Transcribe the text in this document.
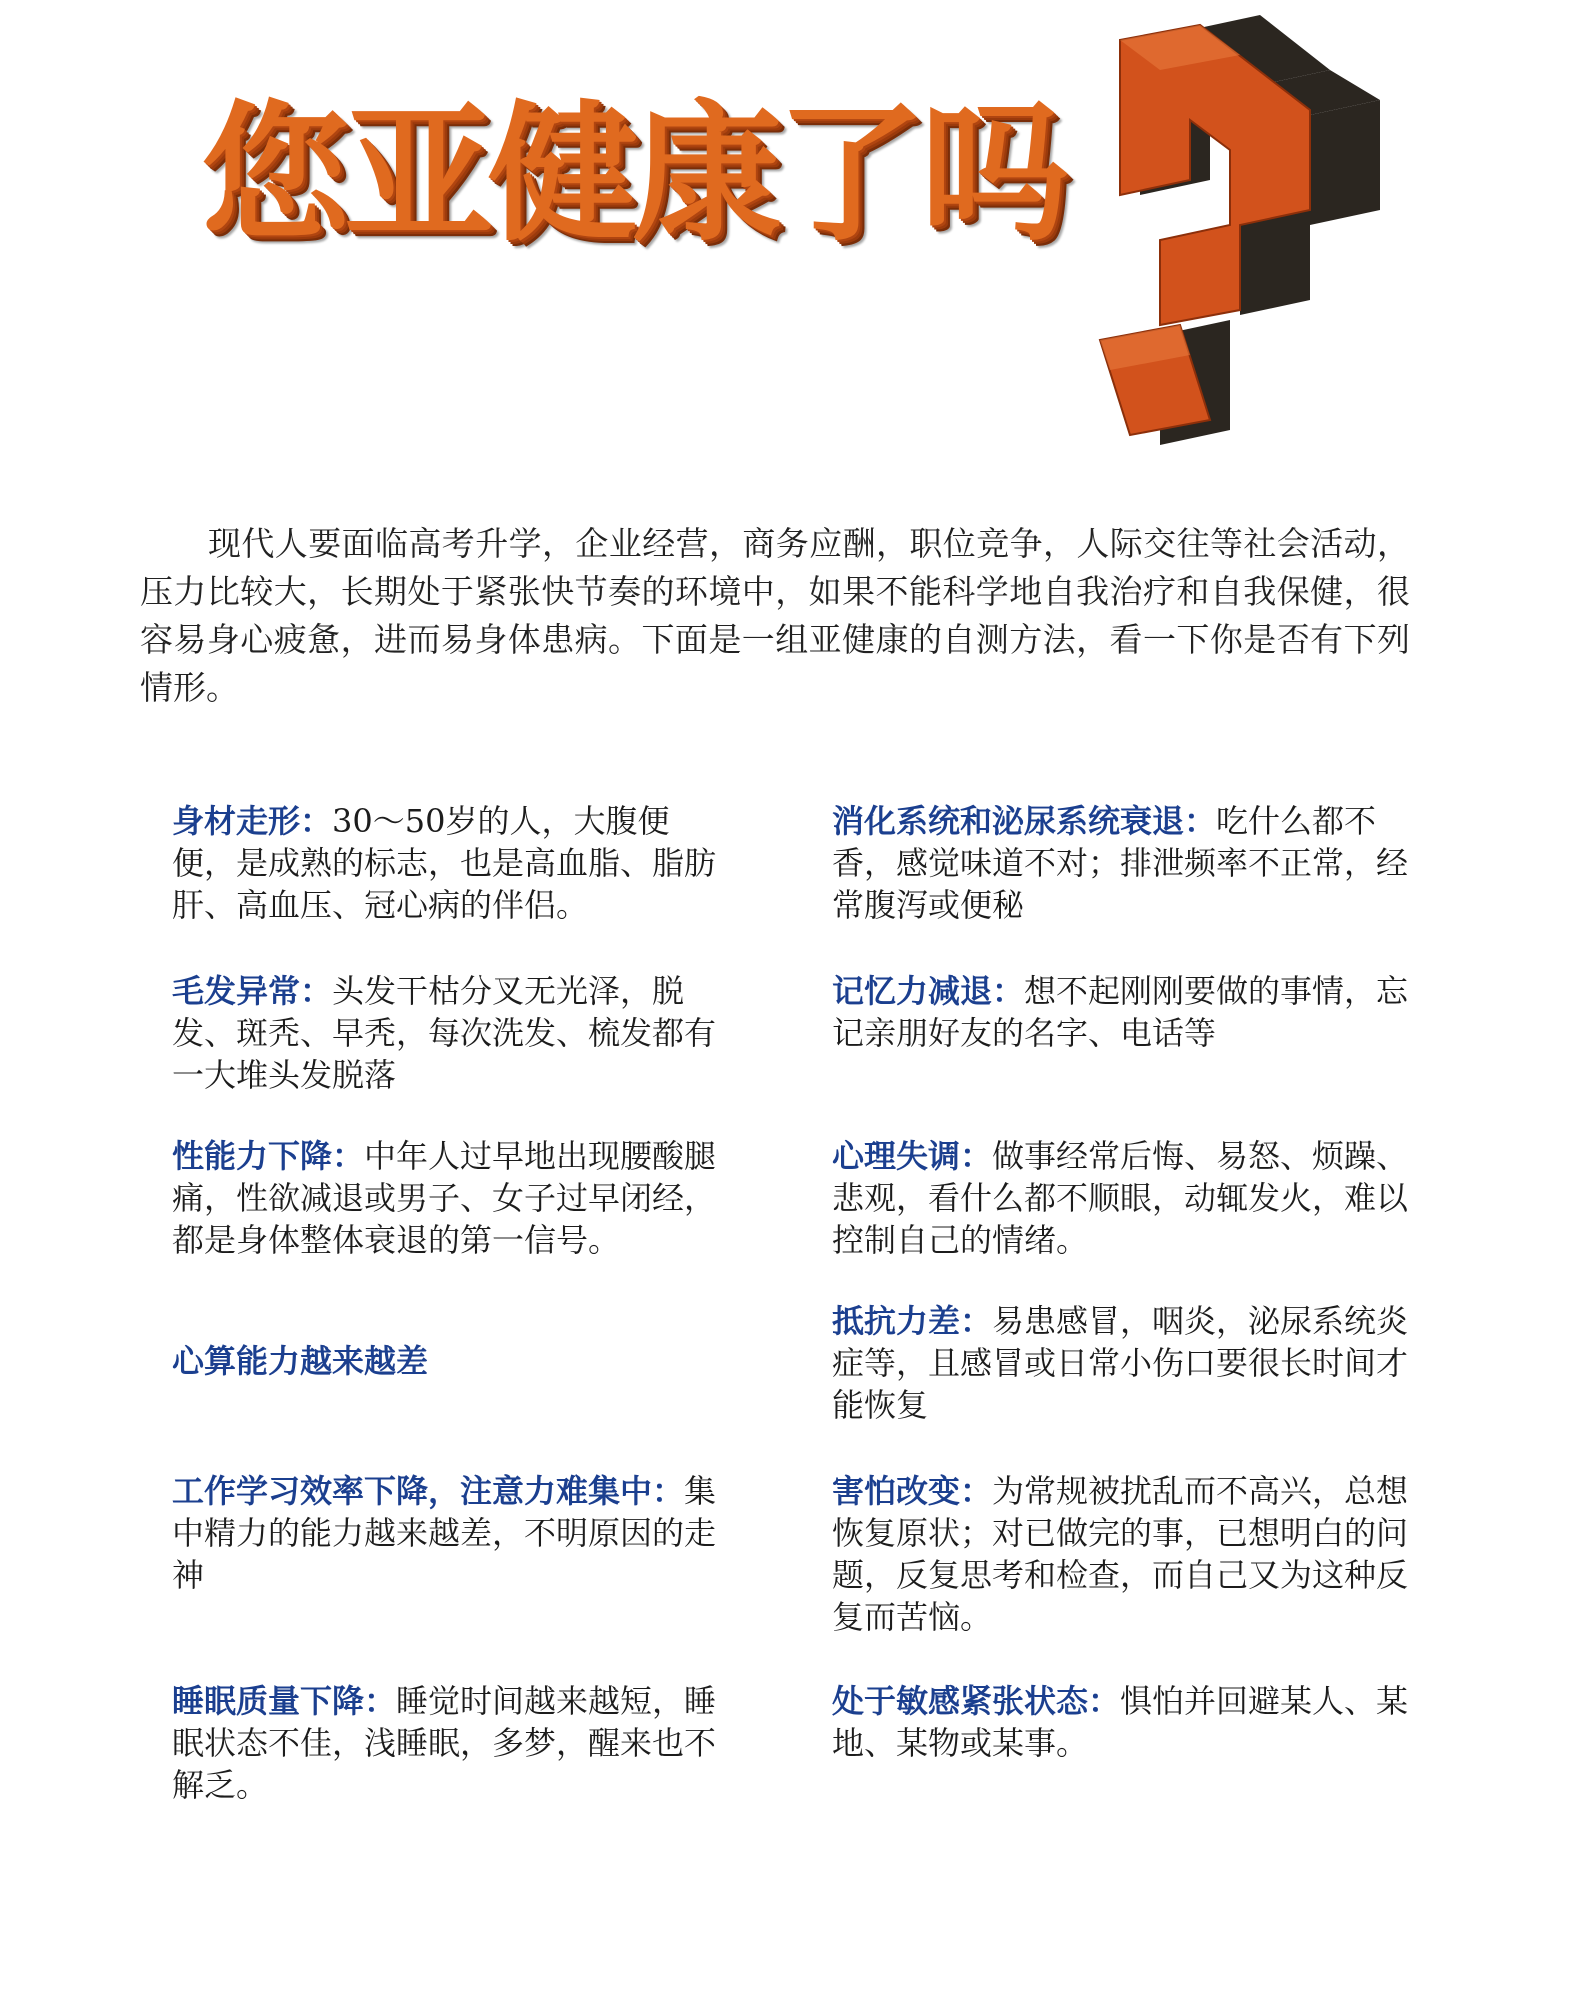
您亚健康了吗
现代人要面临高考升学，企业经营，商务应酬，职位竞争，人际交往等社会活动，压力比较大，长期处于紧张快节奏的环境中，如果不能科学地自我治疗和自我保健，很容易身心疲惫，进而易身体患病。下面是一组亚健康的自测方法，看一下你是否有下列情形。
身材走形：30～50岁的人，大腹便便，是成熟的标志，也是高血脂、脂肪肝、高血压、冠心病的伴侣。
毛发异常：头发干枯分叉无光泽，脱发、斑秃、早秃，每次洗发、梳发都有一大堆头发脱落
性能力下降：中年人过早地出现腰酸腿痛，性欲减退或男子、女子过早闭经，都是身体整体衰退的第一信号。
心算能力越来越差
工作学习效率下降，注意力难集中：集中精力的能力越来越差，不明原因的走神
睡眠质量下降：睡觉时间越来越短，睡眠状态不佳，浅睡眠，多梦，醒来也不解乏。
消化系统和泌尿系统衰退：吃什么都不香，感觉味道不对；排泄频率不正常，经常腹泻或便秘
记忆力减退：想不起刚刚要做的事情，忘记亲朋好友的名字、电话等
心理失调：做事经常后悔、易怒、烦躁、悲观，看什么都不顺眼，动辄发火，难以控制自己的情绪。
抵抗力差：易患感冒，咽炎，泌尿系统炎症等，且感冒或日常小伤口要很长时间才能恢复
害怕改变：为常规被扰乱而不高兴，总想恢复原状；对已做完的事，已想明白的问题，反复思考和检查，而自己又为这种反复而苦恼。
处于敏感紧张状态：惧怕并回避某人、某地、某物或某事。
